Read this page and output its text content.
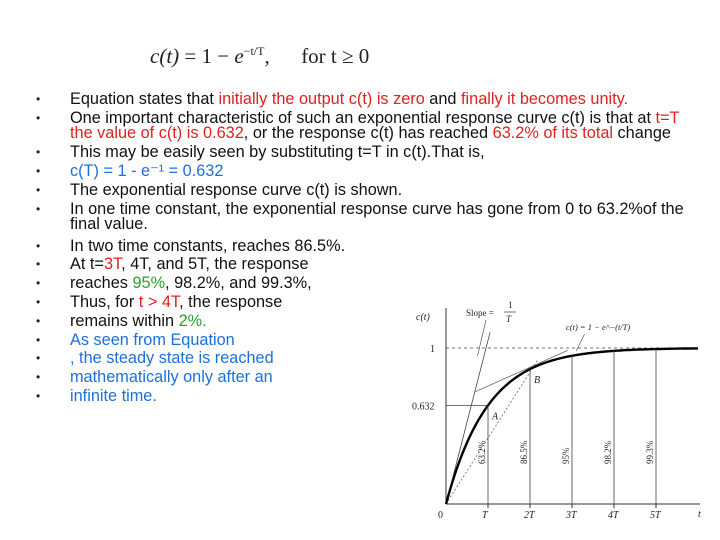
$c(t) = 1 - e^{-t/T}$, for t ≥ 0
• Equation states that initially the output c(t) is zero and finally it becomes unity.
• One important characteristic of such an exponential response curve c(t) is that at t=T the value of c(t) is 0.632, or the response c(t) has reached 63.2% of its total change
• This may be easily seen by substituting t=T in c(t).That is,
• c(T) = 1 - e⁻¹ = 0.632
• The exponential response curve c(t) is shown.
• In one time constant, the exponential response curve has gone from 0 to 63.2%of the final value.
• In two time constants, reaches 86.5%.
• At t=3T, 4T, and 5T, the response
• reaches 95%, 98.2%, and 99.3%,
• Thus, for t > 4T, the response
• remains within 2%.
• As seen from Equation
• , the steady state is reached
• mathematically only after an
• infinite time.
c(t)
t
0
1
0.632
T
63.2%
2T
86.5%
3T
95%
4T
98.2%
5T
99.3%
A
B
Slope =
1
T
c(t) = 1 − e^−(t/T)
